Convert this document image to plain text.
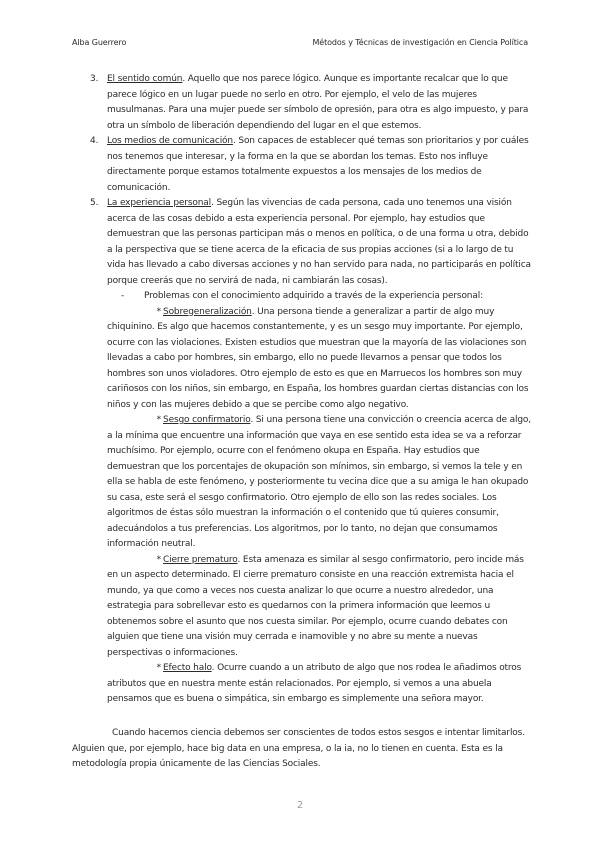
Alba Guerrero	Métodos y Técnicas de investigación en Ciencia Política
3. El sentido común. Aquello que nos parece lógico. Aunque es importante recalcar que lo que parece lógico en un lugar puede no serlo en otro. Por ejemplo, el velo de las mujeres musulmanas. Para una mujer puede ser símbolo de opresión, para otra es algo impuesto, y para otra un símbolo de liberación dependiendo del lugar en el que estemos.
4. Los medios de comunicación. Son capaces de establecer qué temas son prioritarios y por cuáles nos tenemos que interesar, y la forma en la que se abordan los temas. Esto nos influye directamente porque estamos totalmente expuestos a los mensajes de los medios de comunicación.
5. La experiencia personal. Según las vivencias de cada persona, cada uno tenemos una visión acerca de las cosas debido a esta experiencia personal. Por ejemplo, hay estudios que demuestran que las personas participan más o menos en política, o de una forma u otra, debido a la perspectiva que se tiene acerca de la eficacia de sus propias acciones (si a lo largo de tu vida has llevado a cabo diversas acciones y no han servido para nada, no participarás en política porque creerás que no servirá de nada, ni cambiarán las cosas).
- Problemas con el conocimiento adquirido a través de la experiencia personal:
* Sobregeneralización. Una persona tiende a generalizar a partir de algo muy chiquinino. Es algo que hacemos constantemente, y es un sesgo muy importante. Por ejemplo, ocurre con las violaciones. Existen estudios que muestran que la mayoría de las violaciones son llevadas a cabo por hombres, sin embargo, ello no puede llevarnos a pensar que todos los hombres son unos violadores. Otro ejemplo de esto es que en Marruecos los hombres son muy cariñosos con los niños, sin embargo, en España, los hombres guardan ciertas distancias con los niños y con las mujeres debido a que se percibe como algo negativo.
* Sesgo confirmatorio. Si una persona tiene una convicción o creencia acerca de algo, a la mínima que encuentre una información que vaya en ese sentido esta idea se va a reforzar muchísimo. Por ejemplo, ocurre con el fenómeno okupa en España. Hay estudios que demuestran que los porcentajes de okupación son mínimos, sin embargo, si vemos la tele y en ella se habla de este fenómeno, y posteriormente tu vecina dice que a su amiga le han okupado su casa, este será el sesgo confirmatorio. Otro ejemplo de ello son las redes sociales. Los algoritmos de éstas sólo muestran la información o el contenido que tú quieres consumir, adecuándolos a tus preferencias. Los algoritmos, por lo tanto, no dejan que consumamos información neutral.
* Cierre prematuro. Esta amenaza es similar al sesgo confirmatorio, pero incide más en un aspecto determinado. El cierre prematuro consiste en una reacción extremista hacia el mundo, ya que como a veces nos cuesta analizar lo que ocurre a nuestro alrededor, una estrategia para sobrellevar esto es quedarnos con la primera información que leemos u obtenemos sobre el asunto que nos cuesta similar. Por ejemplo, ocurre cuando debates con alguien que tiene una visión muy cerrada e inamovible y no abre su mente a nuevas perspectivas o informaciones.
* Efecto halo. Ocurre cuando a un atributo de algo que nos rodea le añadimos otros atributos que en nuestra mente están relacionados. Por ejemplo, si vemos a una abuela pensamos que es buena o simpática, sin embargo es simplemente una señora mayor.
Cuando hacemos ciencia debemos ser conscientes de todos estos sesgos e intentar limitarlos. Alguien que, por ejemplo, hace big data en una empresa, o la ia, no lo tienen en cuenta. Esta es la metodología propia únicamente de las Ciencias Sociales.
2
